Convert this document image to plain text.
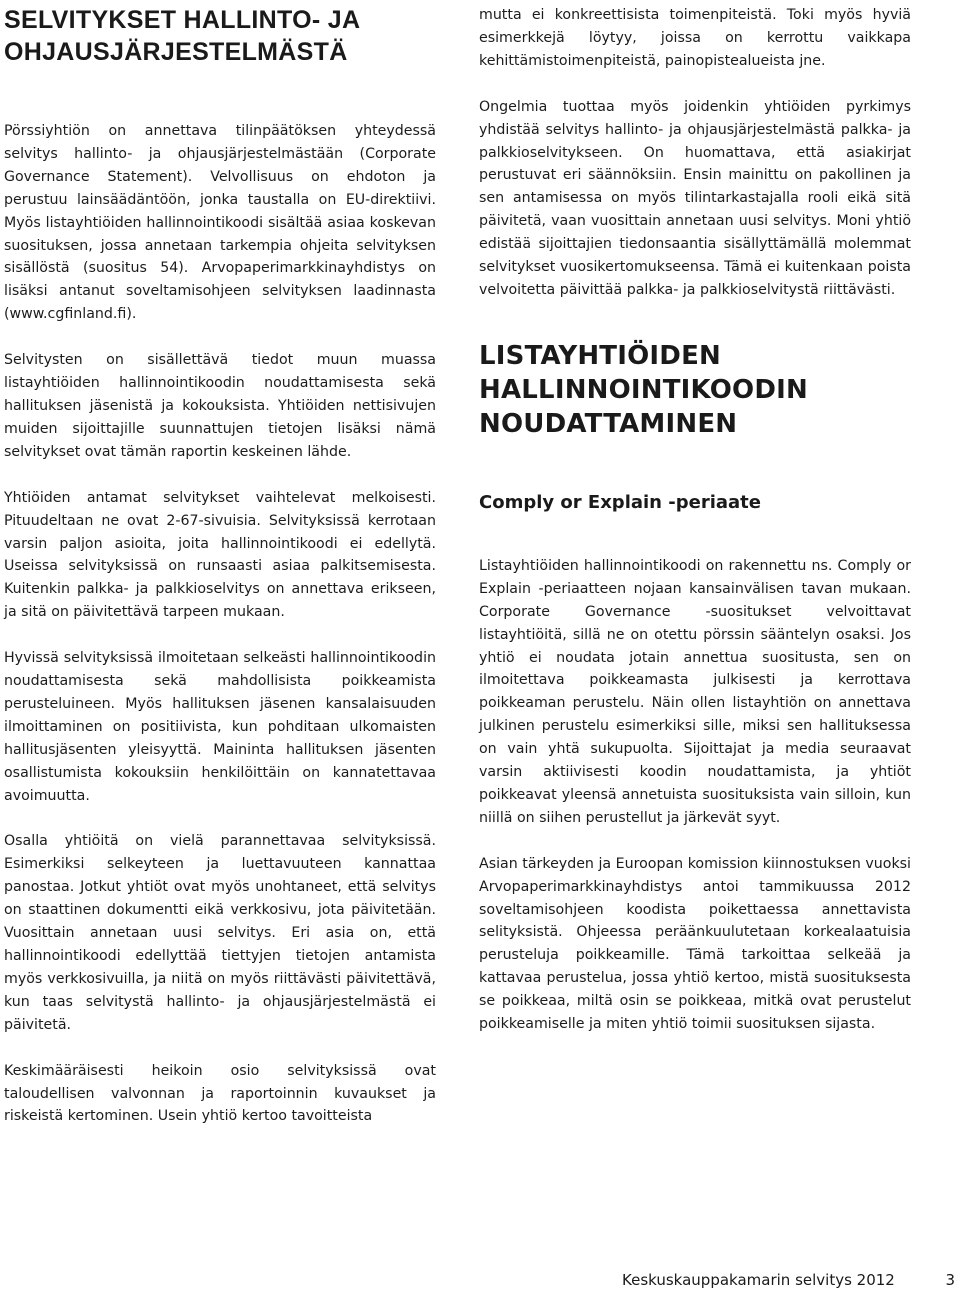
SELVITYKSET HALLINTO- JA OHJAUSJÄRJESTELMÄSTÄ

Pörssiyhtiön on annettava tilinpäätöksen yhteydessä selvitys hallinto- ja ohjausjärjestelmästään (Corporate Governance Statement). Velvollisuus on ehdoton ja perustuu lainsäädäntöön, jonka taustalla on EU-direktiivi. Myös listayhtiöiden hallinnointikoodi sisältää asiaa koskevan suosituksen, jossa annetaan tarkempia ohjeita selvityksen sisällöstä (suositus 54). Arvopaperimarkkinayhdistys on lisäksi antanut soveltamisohjeen selvityksen laadinnasta (www.cgfinland.fi).

Selvitysten on sisällettävä tiedot muun muassa listayhtiöiden hallinnointikoodin noudattamisesta sekä hallituksen jäsenistä ja kokouksista. Yhtiöiden nettisivujen muiden sijoittajille suunnattujen tietojen lisäksi nämä selvitykset ovat tämän raportin keskeinen lähde.

Yhtiöiden antamat selvitykset vaihtelevat melkoisesti. Pituudeltaan ne ovat 2-67-sivuisia. Selvityksissä kerrotaan varsin paljon asioita, joita hallinnointikoodi ei edellytä. Useissa selvityksissä on runsaasti asiaa palkitsemisesta. Kuitenkin palkka- ja palkkioselvitys on annettava erikseen, ja sitä on päivitettävä tarpeen mukaan.

Hyvissä selvityksissä ilmoitetaan selkeästi hallinnointikoodin noudattamisesta sekä mahdollisista poikkeamista perusteluineen. Myös hallituksen jäsenen kansalaisuuden ilmoittaminen on positiivista, kun pohditaan ulkomaisten hallitusjäsenten yleisyyttä. Maininta hallituksen jäsenten osallistumista kokouksiin henkilöittäin on kannatettavaa avoimuutta.

Osalla yhtiöitä on vielä parannettavaa selvityksissä. Esimerkiksi selkeyteen ja luettavuuteen kannattaa panostaa. Jotkut yhtiöt ovat myös unohtaneet, että selvitys on staattinen dokumentti eikä verkkosivu, jota päivitetään. Vuosittain annetaan uusi selvitys. Eri asia on, että hallinnointikoodi edellyttää tiettyjen tietojen antamista myös verkkosivuilla, ja niitä on myös riittävästi päivitettävä, kun taas selvitystä hallinto- ja ohjausjärjestelmästä ei päivitetä.

Keskimääräisesti heikoin osio selvityksissä ovat taloudellisen valvonnan ja raportoinnin kuvaukset ja riskeistä kertominen. Usein yhtiö kertoo tavoitteista

mutta ei konkreettisista toimenpiteistä. Toki myös hyviä esimerkkejä löytyy, joissa on kerrottu vaikkapa kehittämistoimenpiteistä, painopistealueista jne.

Ongelmia tuottaa myös joidenkin yhtiöiden pyrkimys yhdistää selvitys hallinto- ja ohjausjärjestelmästä palkka- ja palkkioselvitykseen. On huomattava, että asiakirjat perustuvat eri säännöksiin. Ensin mainittu on pakollinen ja sen antamisessa on myös tilintarkastajalla rooli eikä sitä päivitetä, vaan vuosittain annetaan uusi selvitys. Moni yhtiö edistää sijoittajien tiedonsaantia sisällyttämällä molemmat selvitykset vuosikertomukseensa. Tämä ei kuitenkaan poista velvoitetta päivittää palkka- ja palkkioselvitystä riittävästi.

LISTAYHTIÖIDEN HALLINNOINTIKOODIN NOUDATTAMINEN
Comply or Explain -periaate

Listayhtiöiden hallinnointikoodi on rakennettu ns. Comply or Explain -periaatteen nojaan kansainvälisen tavan mukaan. Corporate Governance -suositukset velvoittavat listayhtiöitä, sillä ne on otettu pörssin sääntelyn osaksi. Jos yhtiö ei noudata jotain annettua suositusta, sen on ilmoitettava poikkeamasta julkisesti ja kerrottava poikkeaman perustelu. Näin ollen listayhtiön on annettava julkinen perustelu esimerkiksi sille, miksi sen hallituksessa on vain yhtä sukupuolta. Sijoittajat ja media seuraavat varsin aktiivisesti koodin noudattamista, ja yhtiöt poikkeavat yleensä annetuista suosituksista vain silloin, kun niillä on siihen perustellut ja järkevät syyt.

Asian tärkeyden ja Euroopan komission kiinnostuksen vuoksi Arvopaperimarkkinayhdistys antoi tammikuussa 2012 soveltamisohjeen koodista poikettaessa annettavista selityksistä. Ohjeessa peräänkuulutetaan korkealaatuisia perusteluja poikkeamille. Tämä tarkoittaa selkeää ja kattavaa perustelua, jossa yhtiö kertoo, mistä suosituksesta se poikkeaa, miltä osin se poikkeaa, mitkä ovat perustelut poikkeamiselle ja miten yhtiö toimii suosituksen sijasta.

Keskuskauppakamarin selvitys 2012	3
